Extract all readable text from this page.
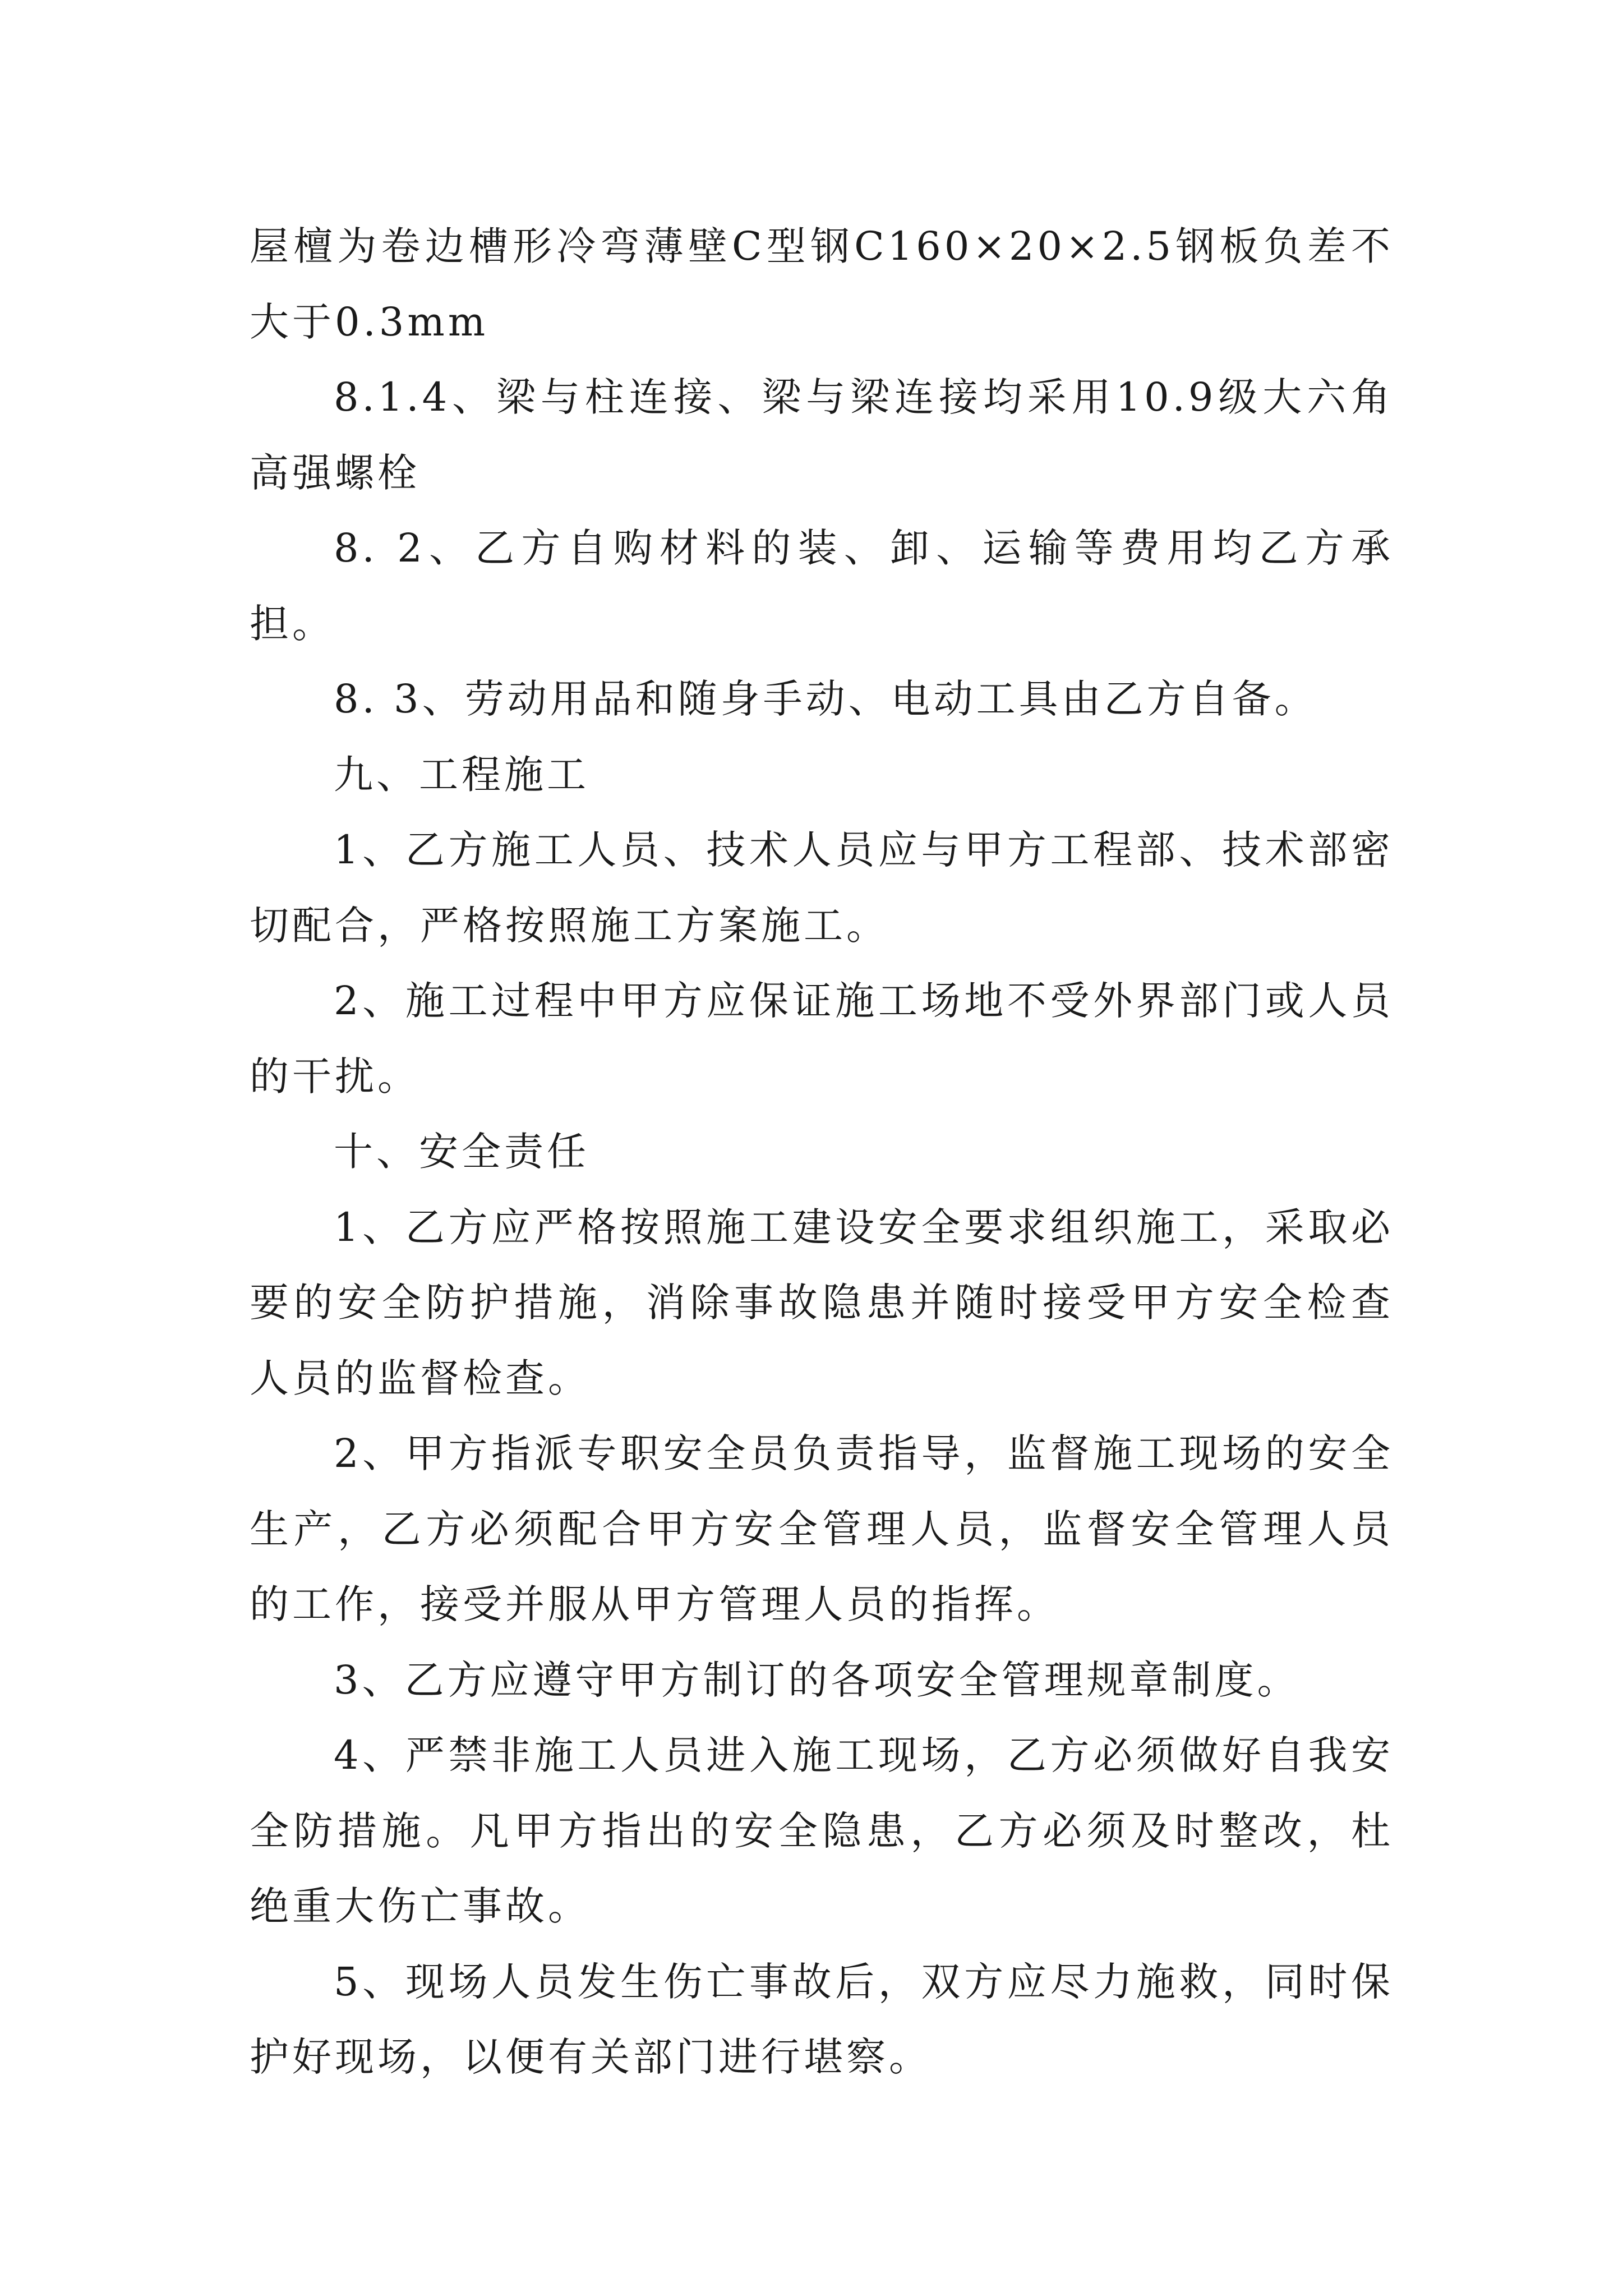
屋檀为卷边槽形冷弯薄壁C型钢C160×20×2.5钢板负差不大于0.3mm

8.1.4、梁与柱连接、梁与梁连接均采用10.9级大六角高强螺栓

8. 2、乙方自购材料的装、卸、运输等费用均乙方承担。

8. 3、劳动用品和随身手动、电动工具由乙方自备。

九、工程施工

1、乙方施工人员、技术人员应与甲方工程部、技术部密切配合，严格按照施工方案施工。

2、施工过程中甲方应保证施工场地不受外界部门或人员的干扰。

十、安全责任

1、乙方应严格按照施工建设安全要求组织施工，采取必要的安全防护措施，消除事故隐患并随时接受甲方安全检查人员的监督检查。

2、甲方指派专职安全员负责指导，监督施工现场的安全生产，乙方必须配合甲方安全管理人员，监督安全管理人员的工作，接受并服从甲方管理人员的指挥。

3、乙方应遵守甲方制订的各项安全管理规章制度。

4、严禁非施工人员进入施工现场，乙方必须做好自我安全防措施。凡甲方指出的安全隐患，乙方必须及时整改，杜绝重大伤亡事故。

5、现场人员发生伤亡事故后，双方应尽力施救，同时保护好现场，以便有关部门进行堪察。
